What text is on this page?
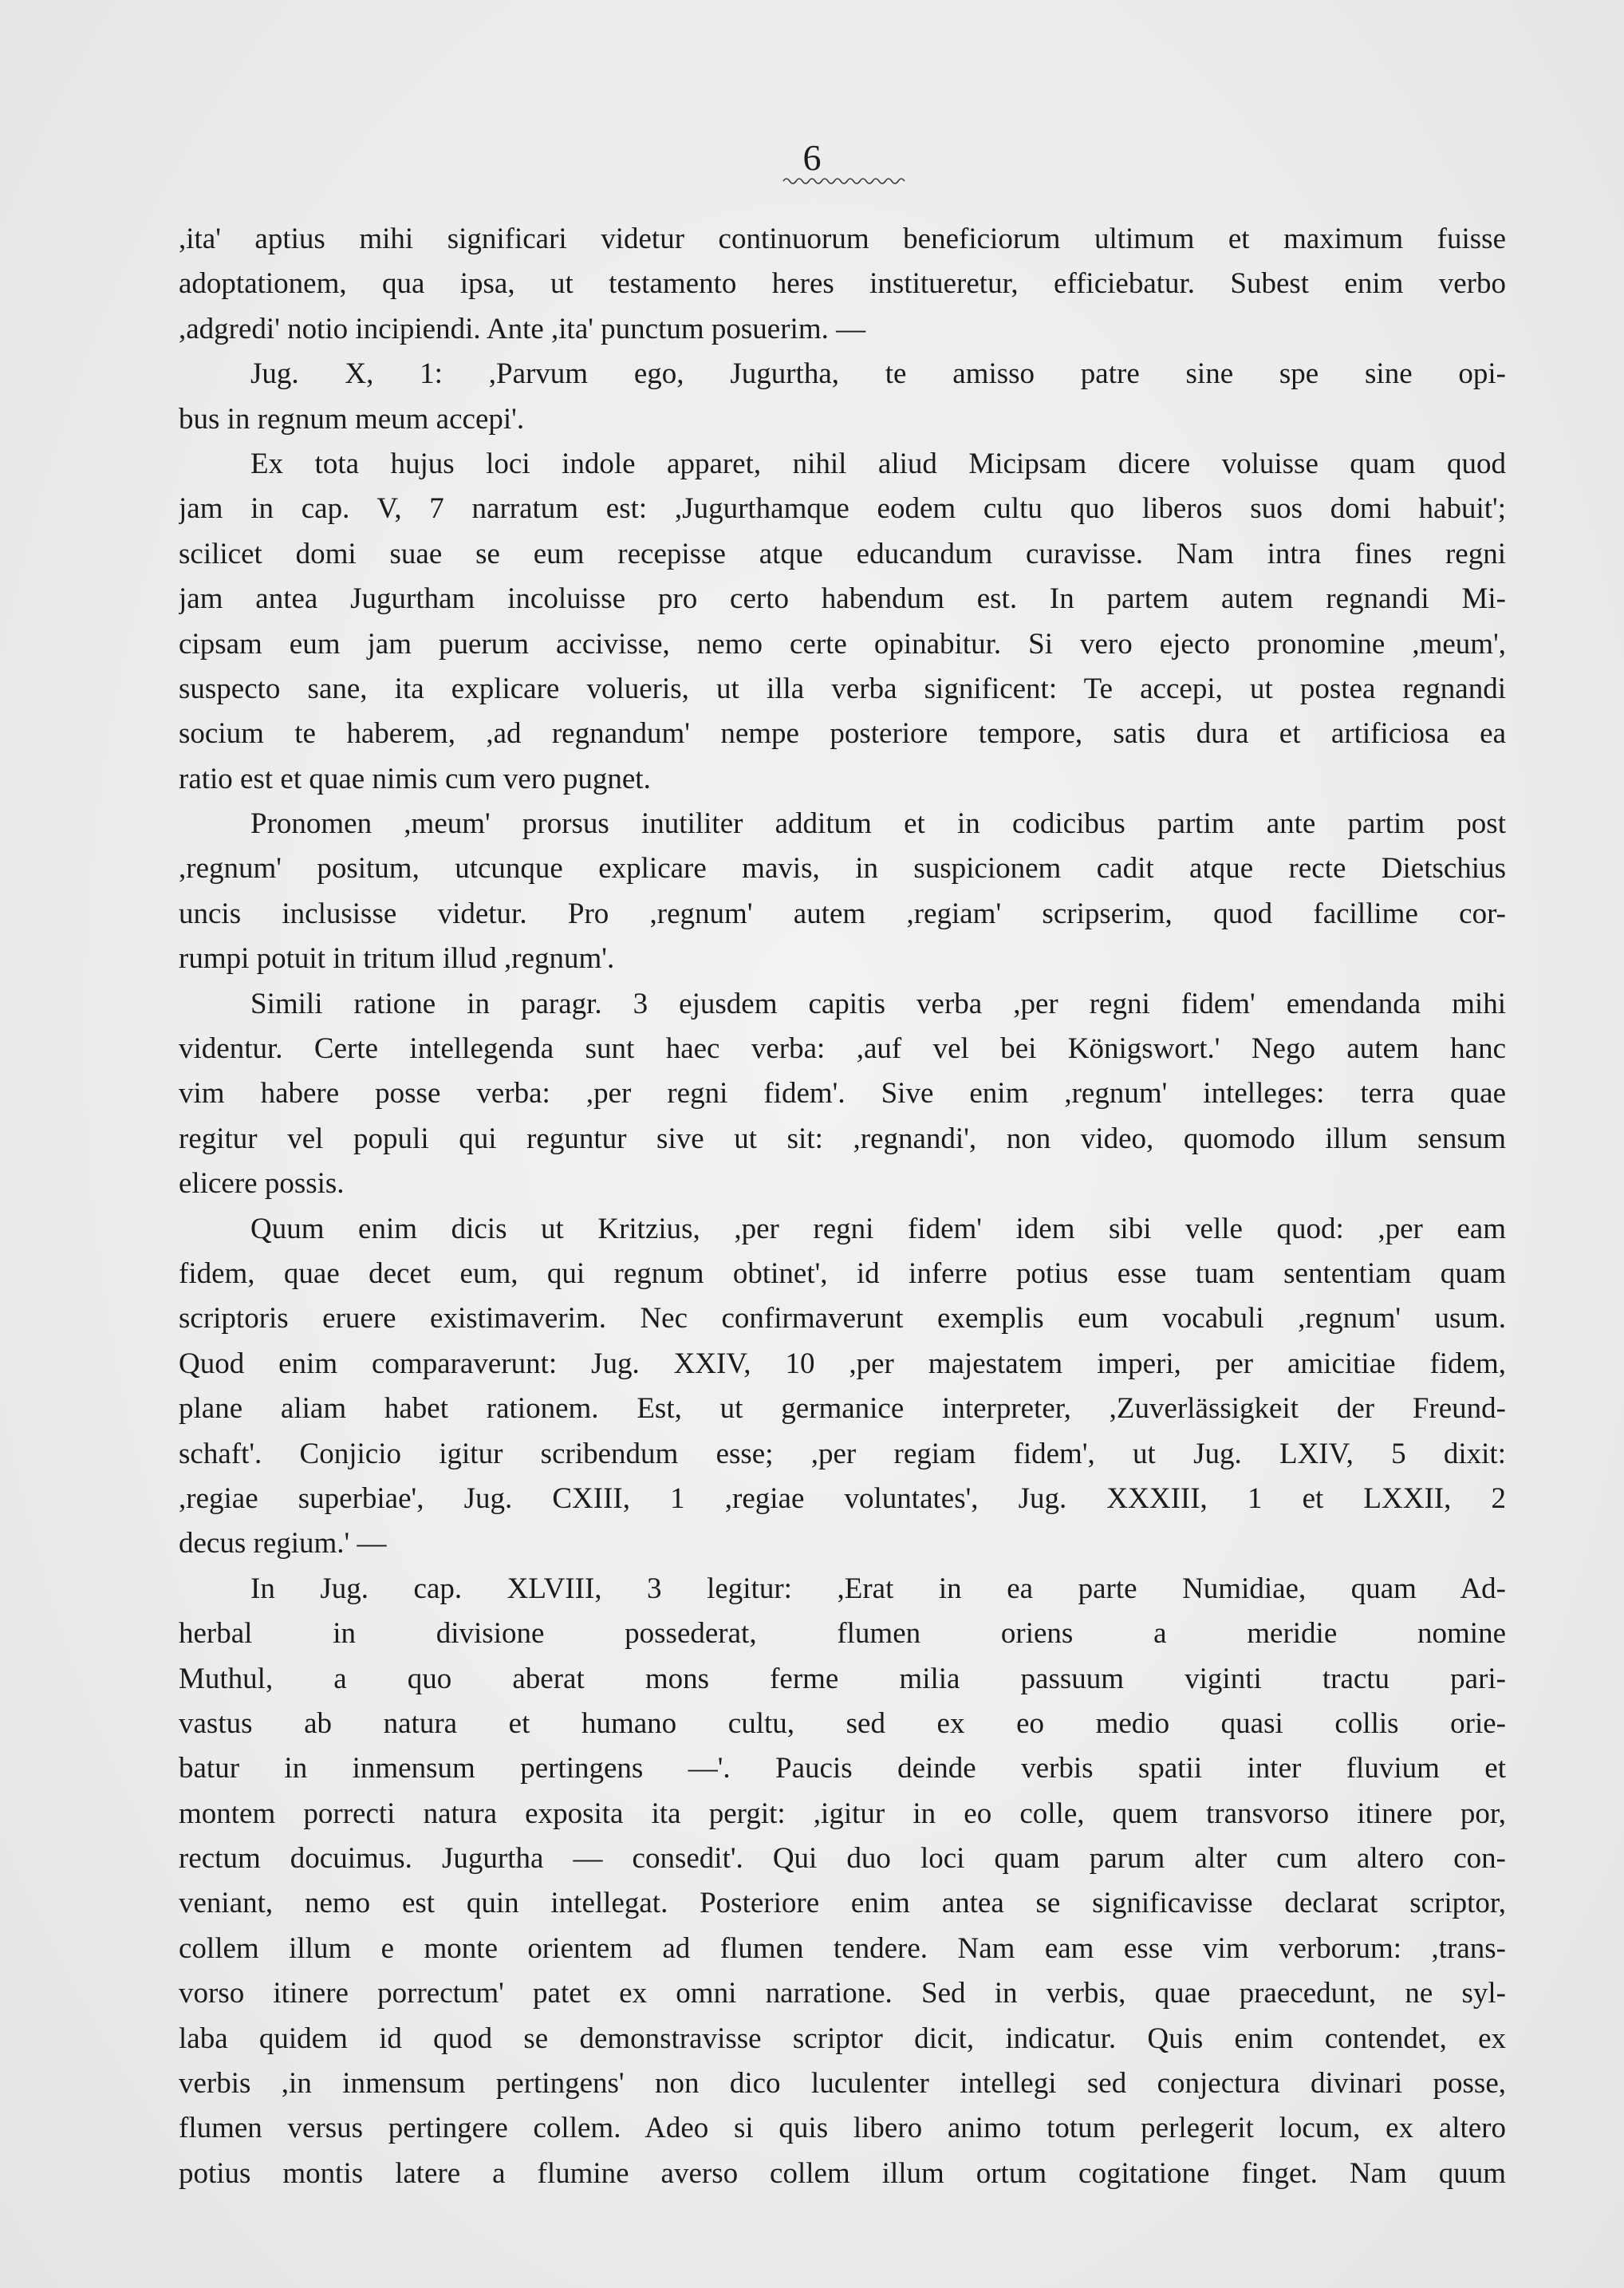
6
,ita' aptius mihi significari videtur continuorum beneficiorum ultimum et maximum fuisse
adoptationem, qua ipsa, ut testamento heres institueretur, efficiebatur. Subest enim verbo
,adgredi' notio incipiendi. Ante ,ita' punctum posuerim. —
Jug. X, 1: ,Parvum ego, Jugurtha, te amisso patre sine spe sine opi-
bus in regnum meum accepi'.
Ex tota hujus loci indole apparet, nihil aliud Micipsam dicere voluisse quam quod
jam in cap. V, 7 narratum est: ,Jugurthamque eodem cultu quo liberos suos domi habuit';
scilicet domi suae se eum recepisse atque educandum curavisse. Nam intra fines regni
jam antea Jugurtham incoluisse pro certo habendum est. In partem autem regnandi Mi-
cipsam eum jam puerum accivisse, nemo certe opinabitur. Si vero ejecto pronomine ,meum',
suspecto sane, ita explicare volueris, ut illa verba significent: Te accepi, ut postea regnandi
socium te haberem, ,ad regnandum' nempe posteriore tempore, satis dura et artificiosa ea
ratio est et quae nimis cum vero pugnet.
Pronomen ,meum' prorsus inutiliter additum et in codicibus partim ante partim post
,regnum' positum, utcunque explicare mavis, in suspicionem cadit atque recte Dietschius
uncis inclusisse videtur. Pro ,regnum' autem ,regiam' scripserim, quod facillime cor-
rumpi potuit in tritum illud ,regnum'.
Simili ratione in paragr. 3 ejusdem capitis verba ,per regni fidem' emendanda mihi
videntur. Certe intellegenda sunt haec verba: ,auf vel bei Königswort.' Nego autem hanc
vim habere posse verba: ,per regni fidem'. Sive enim ,regnum' intelleges: terra quae
regitur vel populi qui reguntur sive ut sit: ,regnandi', non video, quomodo illum sensum
elicere possis.
Quum enim dicis ut Kritzius, ,per regni fidem' idem sibi velle quod: ,per eam
fidem, quae decet eum, qui regnum obtinet', id inferre potius esse tuam sententiam quam
scriptoris eruere existimaverim. Nec confirmaverunt exemplis eum vocabuli ,regnum' usum.
Quod enim comparaverunt: Jug. XXIV, 10 ,per majestatem imperi, per amicitiae fidem,
plane aliam habet rationem. Est, ut germanice interpreter, ,Zuverlässigkeit der Freund-
schaft'. Conjicio igitur scribendum esse; ,per regiam fidem', ut Jug. LXIV, 5 dixit:
,regiae superbiae', Jug. CXIII, 1 ,regiae voluntates', Jug. XXXIII, 1 et LXXII, 2
decus regium.' —
In Jug. cap. XLVIII, 3 legitur: ,Erat in ea parte Numidiae, quam Ad-
herbal in divisione possederat, flumen oriens a meridie nomine
Muthul, a quo aberat mons ferme milia passuum viginti tractu pari-
vastus ab natura et humano cultu, sed ex eo medio quasi collis orie-
batur in inmensum pertingens —'. Paucis deinde verbis spatii inter fluvium et
montem porrecti natura exposita ita pergit: ,igitur in eo colle, quem transvorso itinere por,
rectum docuimus. Jugurtha — consedit'. Qui duo loci quam parum alter cum altero con-
veniant, nemo est quin intellegat. Posteriore enim antea se significavisse declarat scriptor,
collem illum e monte orientem ad flumen tendere. Nam eam esse vim verborum: ,trans-
vorso itinere porrectum' patet ex omni narratione. Sed in verbis, quae praecedunt, ne syl-
laba quidem id quod se demonstravisse scriptor dicit, indicatur. Quis enim contendet, ex
verbis ,in inmensum pertingens' non dico luculenter intellegi sed conjectura divinari posse,
flumen versus pertingere collem. Adeo si quis libero animo totum perlegerit locum, ex altero
potius montis latere a flumine averso collem illum ortum cogitatione finget. Nam quum
